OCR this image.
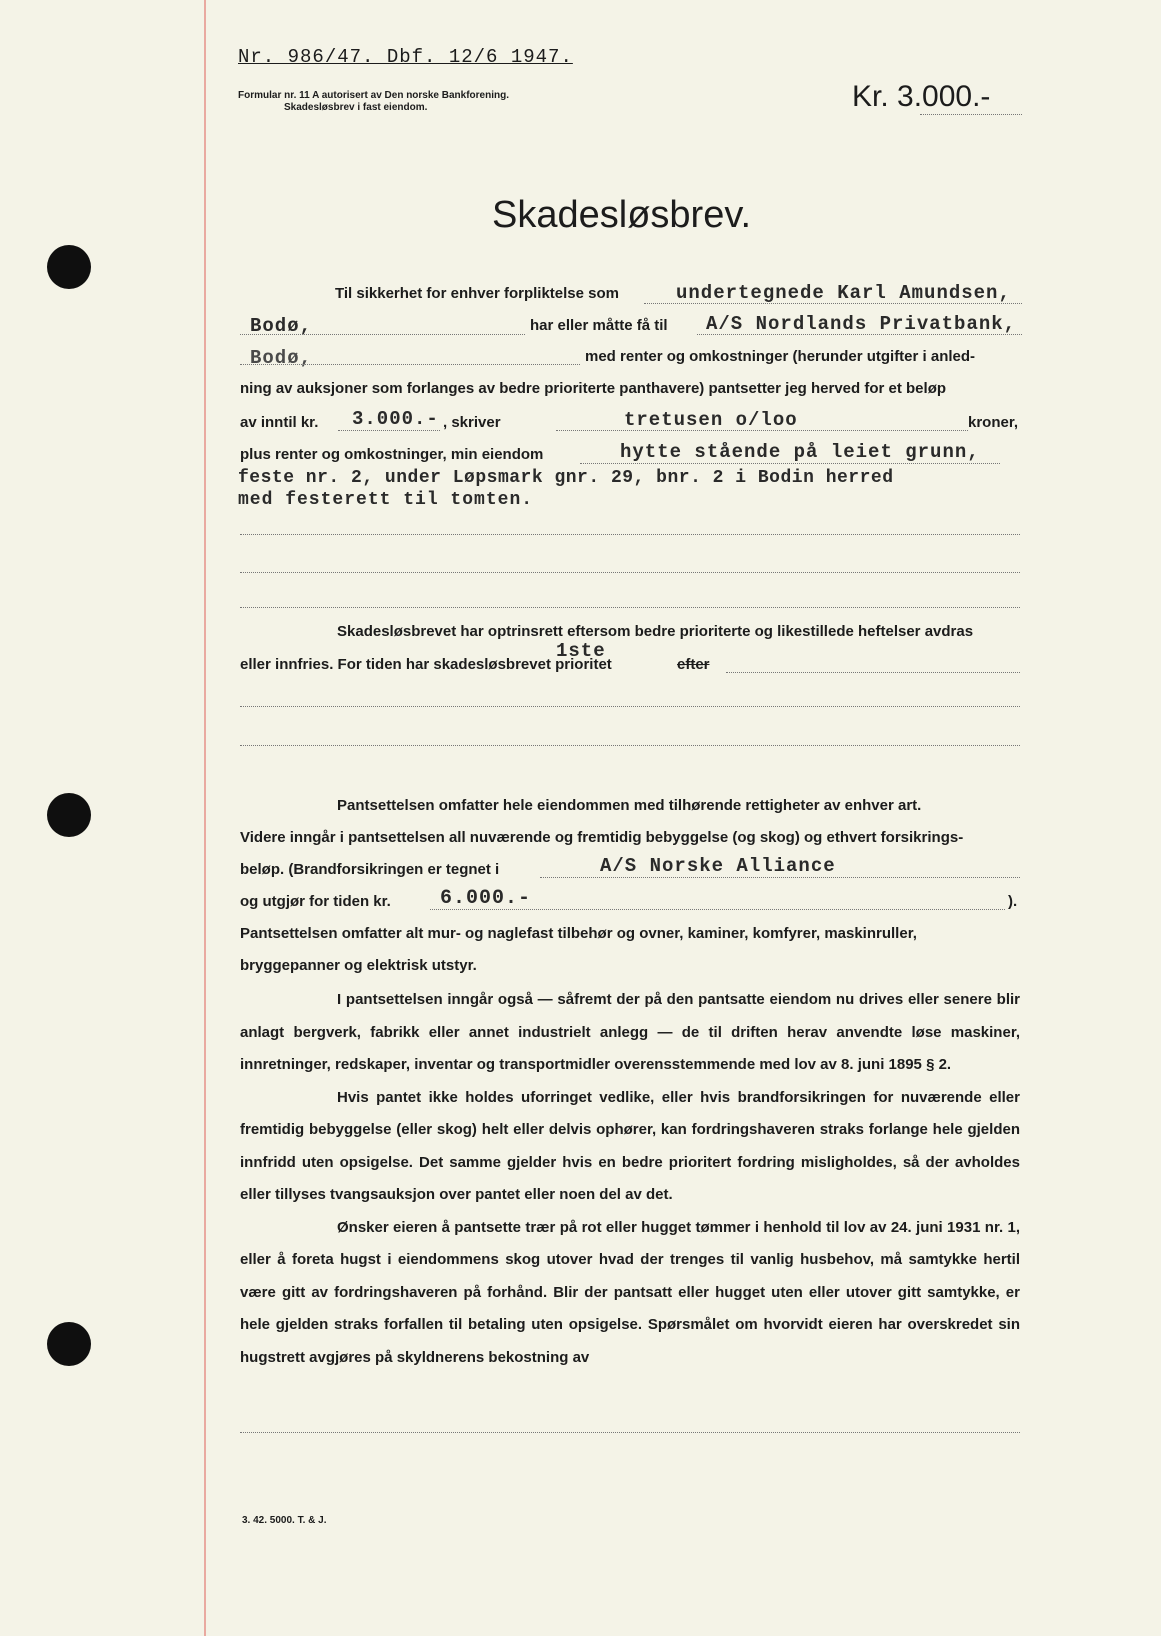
Nr. 986/47. Dbf. 12/6 1947.
Formular nr. 11 A autorisert av Den norske Bankforening.
Skadesløsbrev i fast eiendom.	Kr. 3.000.-
Skadesløsbrev.
Til sikkerhet for enhver forpliktelse som	undertegnede Karl Amundsen,
Bodø,	har eller måtte få til A/S Nordlands Privatbank,
Bodø,	med renter og omkostninger (herunder utgifter i anled-
ning av auksjoner som forlanges av bedre prioriterte panthavere) pantsetter jeg herved for et beløp
av inntil kr. 3.000.- , skriver	tretusen o/loo	kroner,
plus renter og omkostninger, min eiendom	hytte stående på leiet grunn,
feste nr. 2, under Løpsmark gnr. 29, bnr. 2 i Bodin herred
med festerett til tomten.
Skadesløsbrevet har optrinsrett eftersom bedre prioriterte og likestillede heftelser avdras
eller innfries. For tiden har skadesløsbrevet prioritet	efter
1ste
Pantsettelsen omfatter hele eiendommen med tilhørende rettigheter av enhver art.
Videre inngår i pantsettelsen all nuværende og fremtidig bebyggelse (og skog) og ethvert forsikrings-
beløp. (Brandforsikringen er tegnet i	A/S Norske Alliance
og utgjør for tiden kr. 6.000.-	).
Pantsettelsen omfatter alt mur- og naglefast tilbehør og ovner, kaminer, komfyrer, maskinruller,
bryggepanner og elektrisk utstyr.

I pantsettelsen inngår også — såfremt der på den pantsatte eiendom nu drives eller senere blir anlagt bergverk, fabrikk eller annet industrielt anlegg — de til driften herav anvendte løse maskiner, innretninger, redskaper, inventar og transportmidler overensstemmende med lov av 8. juni 1895 § 2.

Hvis pantet ikke holdes uforringet vedlike, eller hvis brandforsikringen for nuværende eller fremtidig bebyggelse (eller skog) helt eller delvis ophører, kan fordringshaveren straks forlange hele gjelden innfridd uten opsigelse. Det samme gjelder hvis en bedre prioritert fordring misligholdes, så der avholdes eller tillyses tvangsauksjon over pantet eller noen del av det.

Ønsker eieren å pantsette trær på rot eller hugget tømmer i henhold til lov av 24. juni 1931 nr. 1, eller å foreta hugst i eiendommens skog utover hvad der trenges til vanlig husbehov, må samtykke hertil være gitt av fordringshaveren på forhånd. Blir der pantsatt eller hugget uten eller utover gitt samtykke, er hele gjelden straks forfallen til betaling uten opsigelse. Spørsmålet om hvorvidt eieren har overskredet sin hugstrett avgjøres på skyldnerens bekostning av

3. 42. 5000. T. & J.
